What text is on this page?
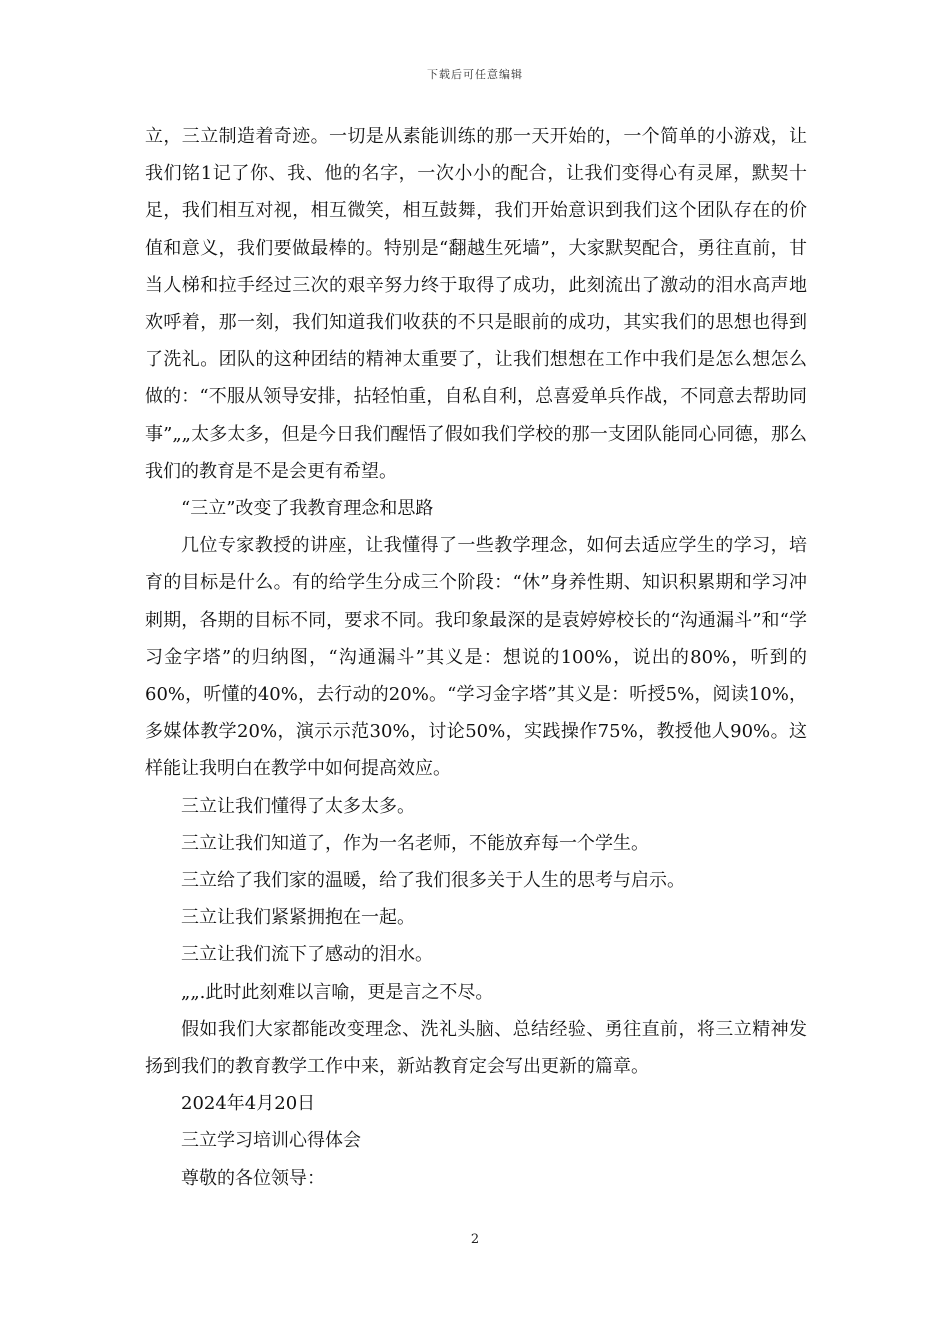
下载后可任意编辑

立，三立制造着奇迹。一切是从素能训练的那一天开始的，一个简单的小游戏，让我们铭1记了你、我、他的名字，一次小小的配合，让我们变得心有灵犀，默契十足，我们相互对视，相互微笑，相互鼓舞，我们开始意识到我们这个团队存在的价值和意义，我们要做最棒的。特别是“翻越生死墙”，大家默契配合，勇往直前，甘当人梯和拉手经过三次的艰辛努力终于取得了成功，此刻流出了激动的泪水高声地欢呼着，那一刻，我们知道我们收获的不只是眼前的成功，其实我们的思想也得到了洗礼。团队的这种团结的精神太重要了，让我们想想在工作中我们是怎么想怎么做的：“不服从领导安排，拈轻怕重，自私自利，总喜爱单兵作战，不同意去帮助同事”„„太多太多，但是今日我们醒悟了假如我们学校的那一支团队能同心同德，那么我们的教育是不是会更有希望。

“三立”改变了我教育理念和思路

几位专家教授的讲座，让我懂得了一些教学理念，如何去适应学生的学习，培育的目标是什么。有的给学生分成三个阶段：“休”身养性期、知识积累期和学习冲刺期，各期的目标不同，要求不同。我印象最深的是袁婷婷校长的“沟通漏斗”和“学习金字塔”的归纳图，“沟通漏斗”其义是：想说的100%，说出的80%，听到的60%，听懂的40%，去行动的20%。“学习金字塔”其义是：听授5%，阅读10%，多媒体教学20%，演示示范30%，讨论50%，实践操作75%，教授他人90%。这样能让我明白在教学中如何提高效应。

三立让我们懂得了太多太多。

三立让我们知道了，作为一名老师，不能放弃每一个学生。

三立给了我们家的温暖，给了我们很多关于人生的思考与启示。

三立让我们紧紧拥抱在一起。

三立让我们流下了感动的泪水。

„„.此时此刻难以言喻，更是言之不尽。

假如我们大家都能改变理念、洗礼头脑、总结经验、勇往直前，将三立精神发扬到我们的教育教学工作中来，新站教育定会写出更新的篇章。

2024年4月20日

三立学习培训心得体会

尊敬的各位领导：

2
